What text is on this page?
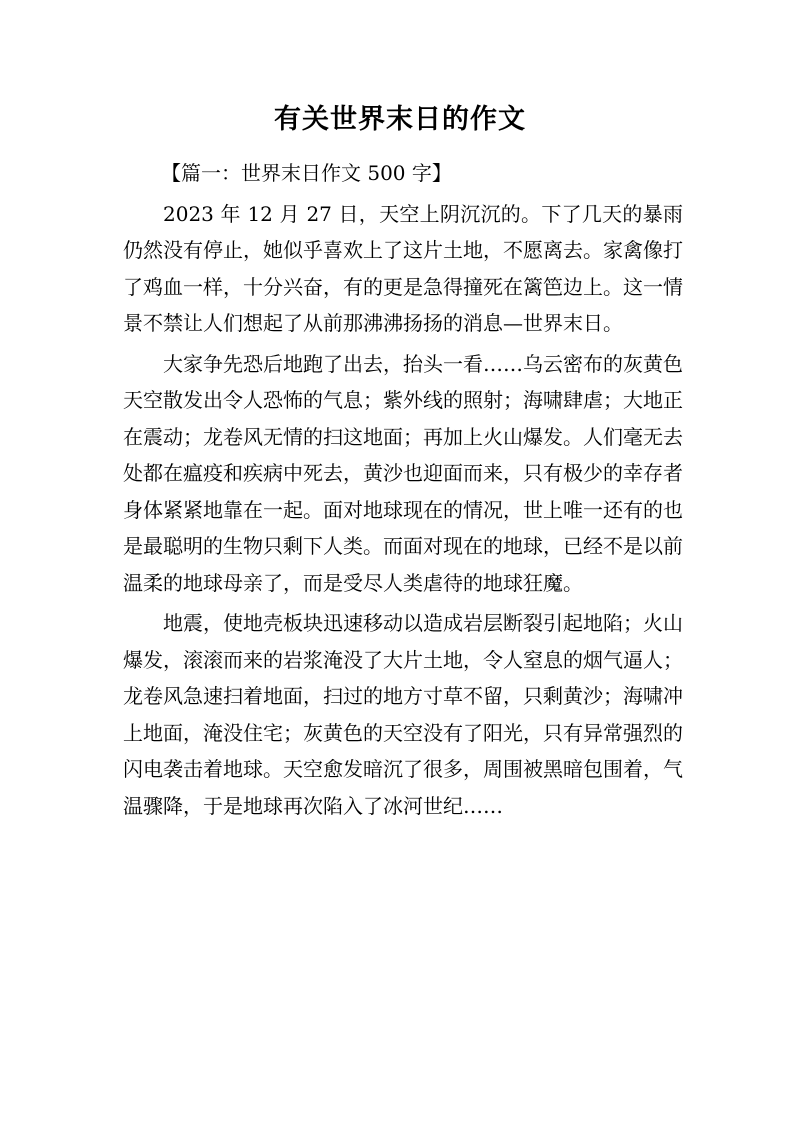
有关世界末日的作文

【篇一：世界末日作文 500 字】

2023 年 12 月 27 日，天空上阴沉沉的。下了几天的暴雨仍然没有停止，她似乎喜欢上了这片土地，不愿离去。家禽像打了鸡血一样，十分兴奋，有的更是急得撞死在篱笆边上。这一情景不禁让人们想起了从前那沸沸扬扬的消息—世界末日。

大家争先恐后地跑了出去，抬头一看……乌云密布的灰黄色天空散发出令人恐怖的气息；紫外线的照射；海啸肆虐；大地正在震动；龙卷风无情的扫这地面；再加上火山爆发。人们毫无去处都在瘟疫和疾病中死去，黄沙也迎面而来，只有极少的幸存者身体紧紧地靠在一起。面对地球现在的情况，世上唯一还有的也是最聪明的生物只剩下人类。而面对现在的地球，已经不是以前温柔的地球母亲了，而是受尽人类虐待的地球狂魔。

地震，使地壳板块迅速移动以造成岩层断裂引起地陷；火山爆发，滚滚而来的岩浆淹没了大片土地，令人窒息的烟气逼人；龙卷风急速扫着地面，扫过的地方寸草不留，只剩黄沙；海啸冲上地面，淹没住宅；灰黄色的天空没有了阳光，只有异常强烈的闪电袭击着地球。天空愈发暗沉了很多，周围被黑暗包围着，气温骤降，于是地球再次陷入了冰河世纪……
